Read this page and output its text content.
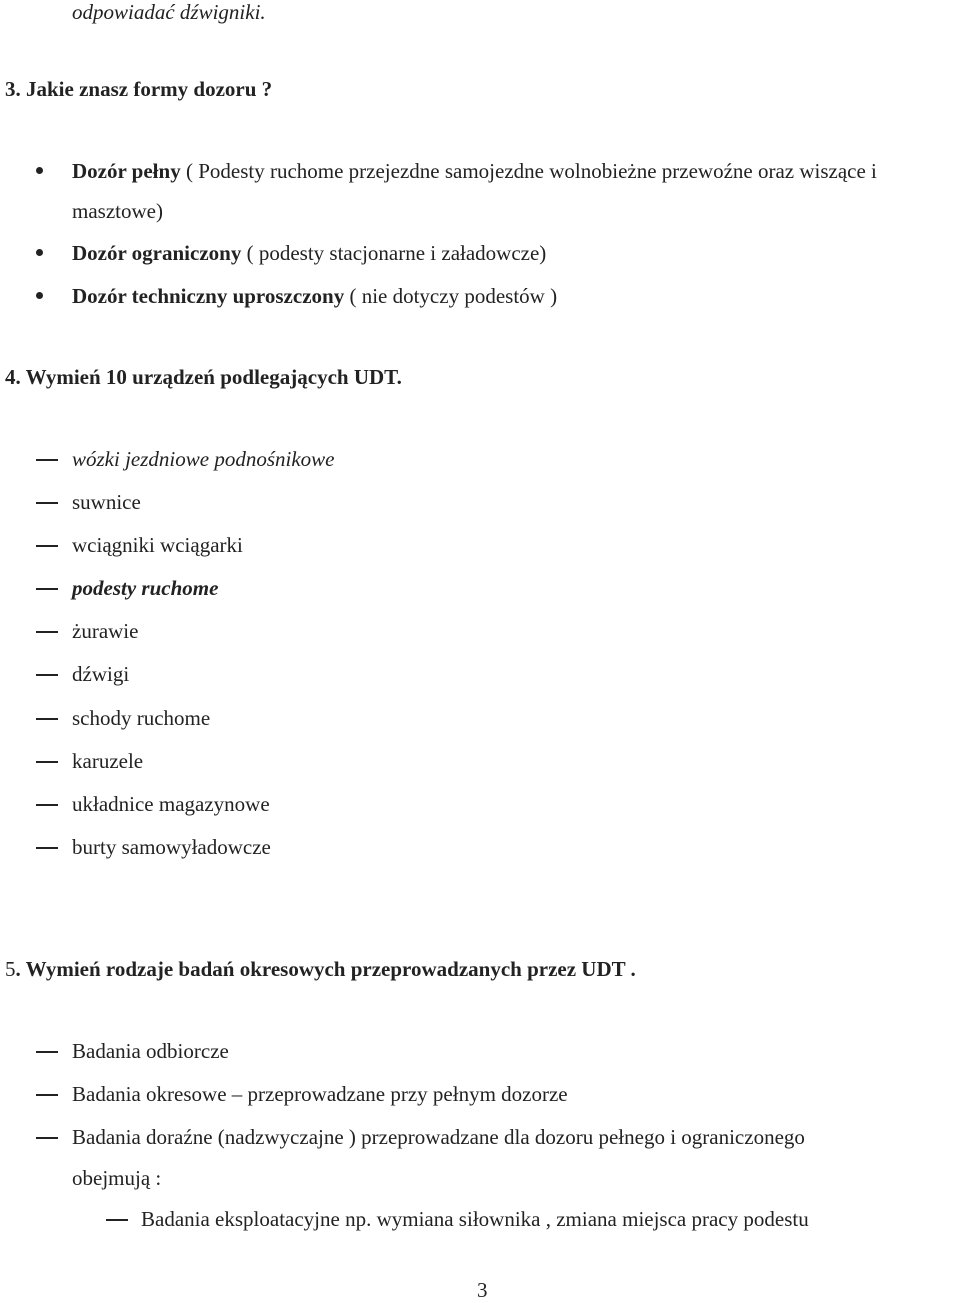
odpowiadać dźwigniki.
3. Jakie znasz formy dozoru ?
Dozór pełny ( Podesty ruchome przejezdne samojezdne wolnobieżne przewoźne oraz wiszące i
masztowe)
Dozór ograniczony ( podesty stacjonarne i załadowcze)
Dozór techniczny uproszczony ( nie dotyczy podestów )
4. Wymień 10 urządzeń podlegających UDT.
wózki jezdniowe podnośnikowe
suwnice
wciągniki wciągarki
podesty ruchome
żurawie
dźwigi
schody ruchome
karuzele
układnice magazynowe
burty samowyładowcze
5. Wymień rodzaje badań okresowych przeprowadzanych przez UDT .
Badania odbiorcze
Badania okresowe – przeprowadzane przy pełnym dozorze
Badania doraźne (nadzwyczajne ) przeprowadzane dla dozoru pełnego i ograniczonego
obejmują :
Badania eksploatacyjne np. wymiana siłownika , zmiana miejsca pracy podestu
3
